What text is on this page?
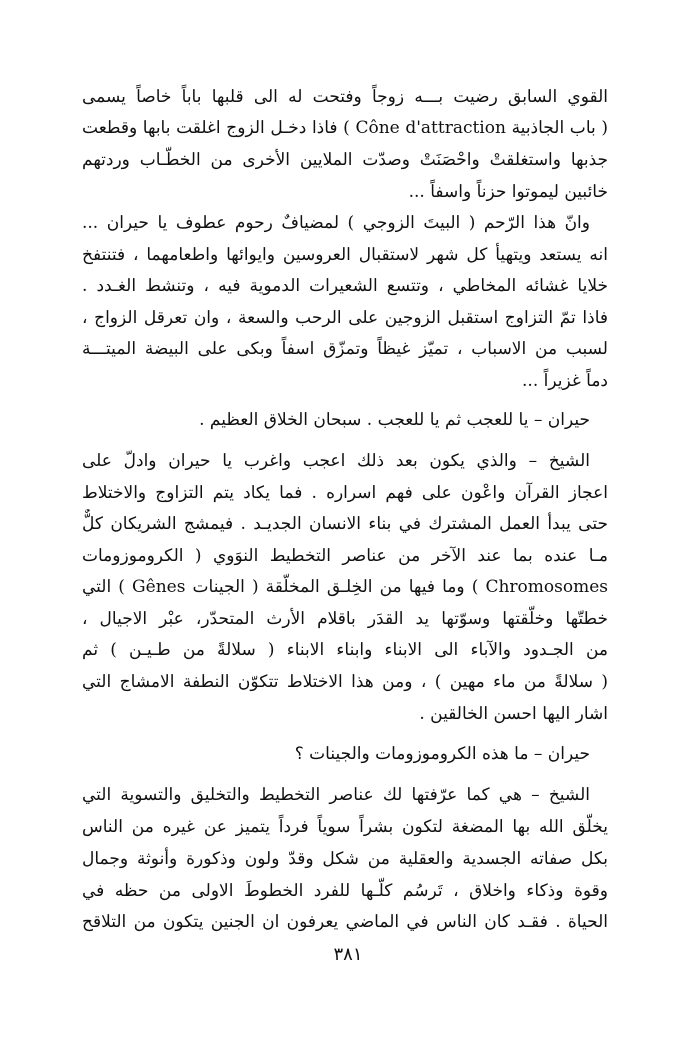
القوي السابق رضيت بـــه زوجاً وفتحت له الى قلبها باباً خاصاً يسمى
( باب الجاذبية Cône d'attraction ) فاذا دخـل الزوج اغلقت بابها وقطعت
جذبها واستغلقتْ واحْصَنَتْ وصدّت الملايين الأخرى من الخطّـاب وردتهم
خائبين ليموتوا حزناً واسفاً ...
وانّ هذا الرّحم ( البيتَ الزوجي ) لمضيافٌ رحوم عطوف يا حيران ...
انه يستعد ويتهيأ كل شهر لاستقبال العروسين وايوائها واطعامهما ، فتنتفخ
خلايا غشائه المخاطي ، وتتسع الشعيرات الدموية فيه ، وتنشط الغـدد .
فاذا تمّ التزاوج استقبل الزوجين على الرحب والسعة ، وان تعرقل الزواج ،
لسبب من الاسباب ، تميّز غيظاً وتمزّق اسفاً وبكى على البيضة الميتـــة
دماً غزيراً ...
حيران – يا للعجب ثم يا للعجب . سبحان الخلاق العظيم .
الشيخ – والذي يكون بعد ذلك اعجب واغرب يا حيران وادلّ على
اعجاز القرآن واعْون على فهم اسراره . فما يكاد يتم التزاوج والاختلاط
حتى يبدأ العمل المشترك في بناء الانسان الجديـد . فيمشج الشريكان كلٌّ
مـا عنده بما عند الآخر من عناصر التخطيط النوَوي ( الكروموزومات
Chromosomes ) وما فيها من الخِلـق المخلّقة ( الجينات Gênes ) التي
خطتّها وخلّقتها وسوّتها يد القدَر باقلام الأرث المتحدّر، عبْر الاجيال ،
من الجـدود والآباء الى الابناء وابناء الابناء ( سلالةً من طـيـن ) ثم
( سلالةً من ماء مهين ) ، ومن هذا الاختلاط تتكوّن النطفة الامشاج التي
اشار اليها احسن الخالقين .
حيران – ما هذه الكروموزومات والجينات ؟
الشيخ – هي كما عرّفتها لك عناصر التخطيط والتخليق والتسوية التي
يخلّق الله بها المضغة لتكون بشراً سوياً فرداً يتميز عن غيره من الناس
بكل صفاته الجسدية والعقلية من شكل وقدّ ولون وذكورة وأنوثة وجمال
وقوة وذكاء واخلاق ، تَرسُم كلّـها للفرد الخطوطَ الاولى من حظه في
الحياة . فقـد كان الناس في الماضي يعرفون ان الجنين يتكون من التلاقح
٣٨١
